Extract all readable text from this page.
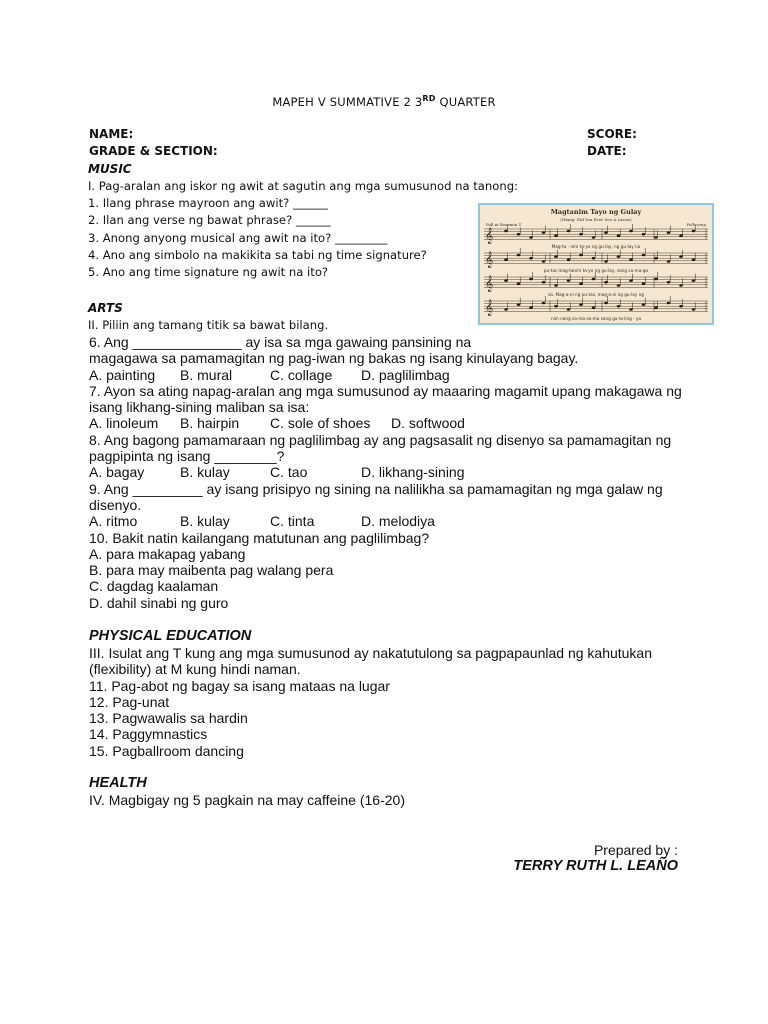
MAPEH V SUMMATIVE 2 3RD QUARTER
NAME:	SCORE:
GRADE & SECTION:	DATE:
MUSIC
I. Pag-aralan ang iskor ng awit at sagutin ang mga sumusunod na tanong:
1. Ilang phrase mayroon ang awit? ______
2. Ilan ang verse ng bawat phrase? ______
3. Anong anyong musical ang awit na ito? _________
4. Ano ang simbolo na makikita sa tabi ng time signature?
5. Ano ang time signature ng awit na ito?
Magtanim Tayo ng Gulay
(Himig: Did You Ever See A Lassie)
Fall ni Rosemin T.	Folk song
𝄞
𝄞
𝄞
𝄞
Mag-ta - nim ta-yo ng gu-lay, ng gu-lay na
pu-tas mag-tanim ta-yo ng gu-lay, sang su-ma-go
sa. Mag-a-ni ng pu-tas, mag-a-ni ng gu-lay ng
nim nang sa-ma-sa-ma sang gu-la-ling - ya
ARTS
II. Piliin ang tamang titik sa bawat bilang.
6. Ang ______________ ay isa sa mga gawaing pansining na
magagawa sa pamamagitan ng pag-iwan ng bakas ng isang kinulayang bagay.
A. painting	B. mural	C. collage	D. paglilimbag
7. Ayon sa ating napag-aralan ang mga sumusunod ay maaaring magamit upang makagawa ng
isang likhang-sining maliban sa isa:
A. linoleum	B. hairpin	C. sole of shoes	D. softwood
8. Ang bagong pamamaraan ng paglilimbag ay ang pagsasalit ng disenyo sa pamamagitan ng
pagpipinta ng isang ________?
A. bagay	B. kulay	C. tao	D. likhang-sining
9. Ang _________ ay isang prisipyo ng sining na nalilikha sa pamamagitan ng mga galaw ng
disenyo.
A. ritmo	B. kulay	C. tinta	D. melodiya
10. Bakit natin kailangang matutunan ang paglilimbag?
A. para makapag yabang
B. para may maibenta pag walang pera
C. dagdag kaalaman
D. dahil sinabi ng guro
PHYSICAL EDUCATION
III. Isulat ang T kung ang mga sumusunod ay nakatutulong sa pagpapaunlad ng kahutukan
(flexibility) at M kung hindi naman.
11. Pag-abot ng bagay sa isang mataas na lugar
12. Pag-unat
13. Pagwawalis sa hardin
14. Paggymnastics
15. Pagballroom dancing
HEALTH
IV. Magbigay ng 5 pagkain na may caffeine (16-20)
Prepared by :
TERRY RUTH L. LEAÑO
